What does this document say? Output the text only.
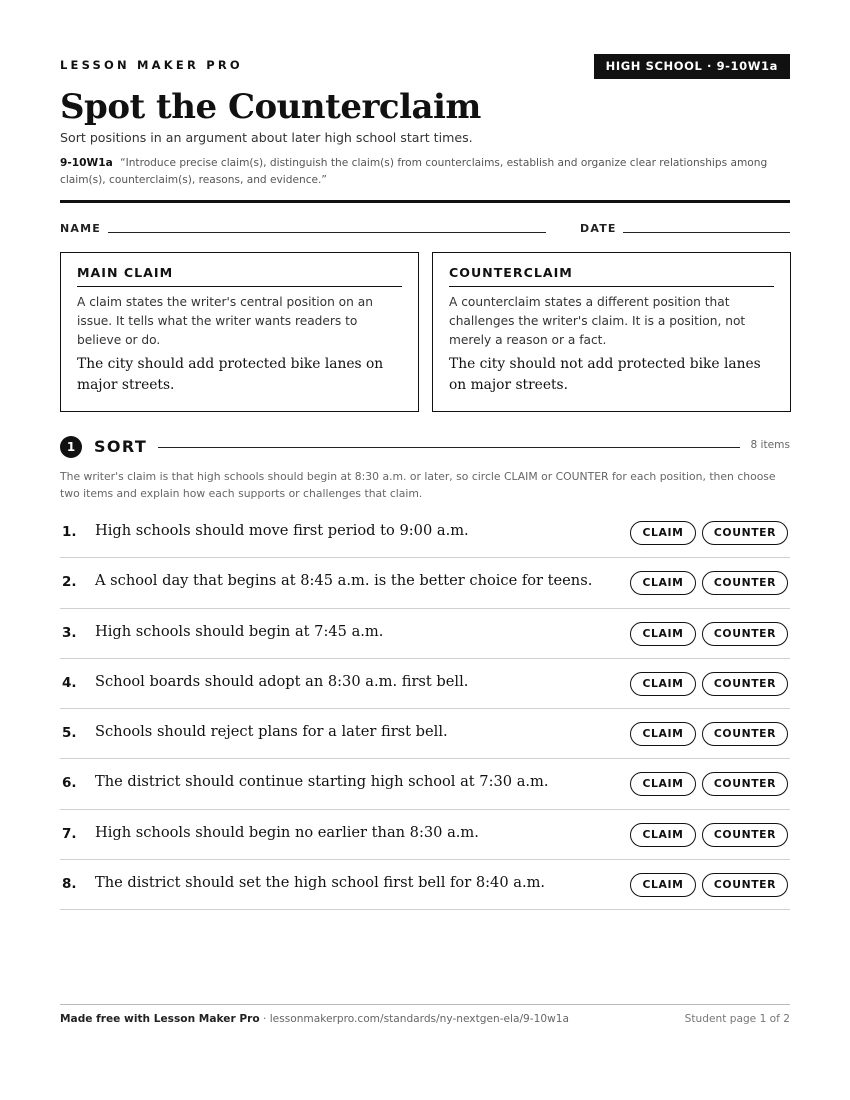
LESSON MAKER PRO	HIGH SCHOOL · 9-10W1a
Spot the Counterclaim
Sort positions in an argument about later high school start times.
9-10W1a “Introduce precise claim(s), distinguish the claim(s) from counterclaims, establish and organize clear relationships among claim(s), counterclaim(s), reasons, and evidence.”
NAME	DATE
MAIN CLAIM
A claim states the writer's central position on an issue. It tells what the writer wants readers to believe or do.
The city should add protected bike lanes on major streets.
COUNTERCLAIM
A counterclaim states a different position that challenges the writer's claim. It is a position, not merely a reason or a fact.
The city should not add protected bike lanes on major streets.
1	SORT	8 items
The writer's claim is that high schools should begin at 8:30 a.m. or later, so circle CLAIM or COUNTER for each position, then choose two items and explain how each supports or challenges that claim.
1. High schools should move first period to 9:00 a.m.	CLAIM	COUNTER
2. A school day that begins at 8:45 a.m. is the better choice for teens.	CLAIM	COUNTER
3. High schools should begin at 7:45 a.m.	CLAIM	COUNTER
4. School boards should adopt an 8:30 a.m. first bell.	CLAIM	COUNTER
5. Schools should reject plans for a later first bell.	CLAIM	COUNTER
6. The district should continue starting high school at 7:30 a.m.	CLAIM	COUNTER
7. High schools should begin no earlier than 8:30 a.m.	CLAIM	COUNTER
8. The district should set the high school first bell for 8:40 a.m.	CLAIM	COUNTER
Made free with Lesson Maker Pro · lessonmakerpro.com/standards/ny-nextgen-ela/9-10w1a	Student page 1 of 2
